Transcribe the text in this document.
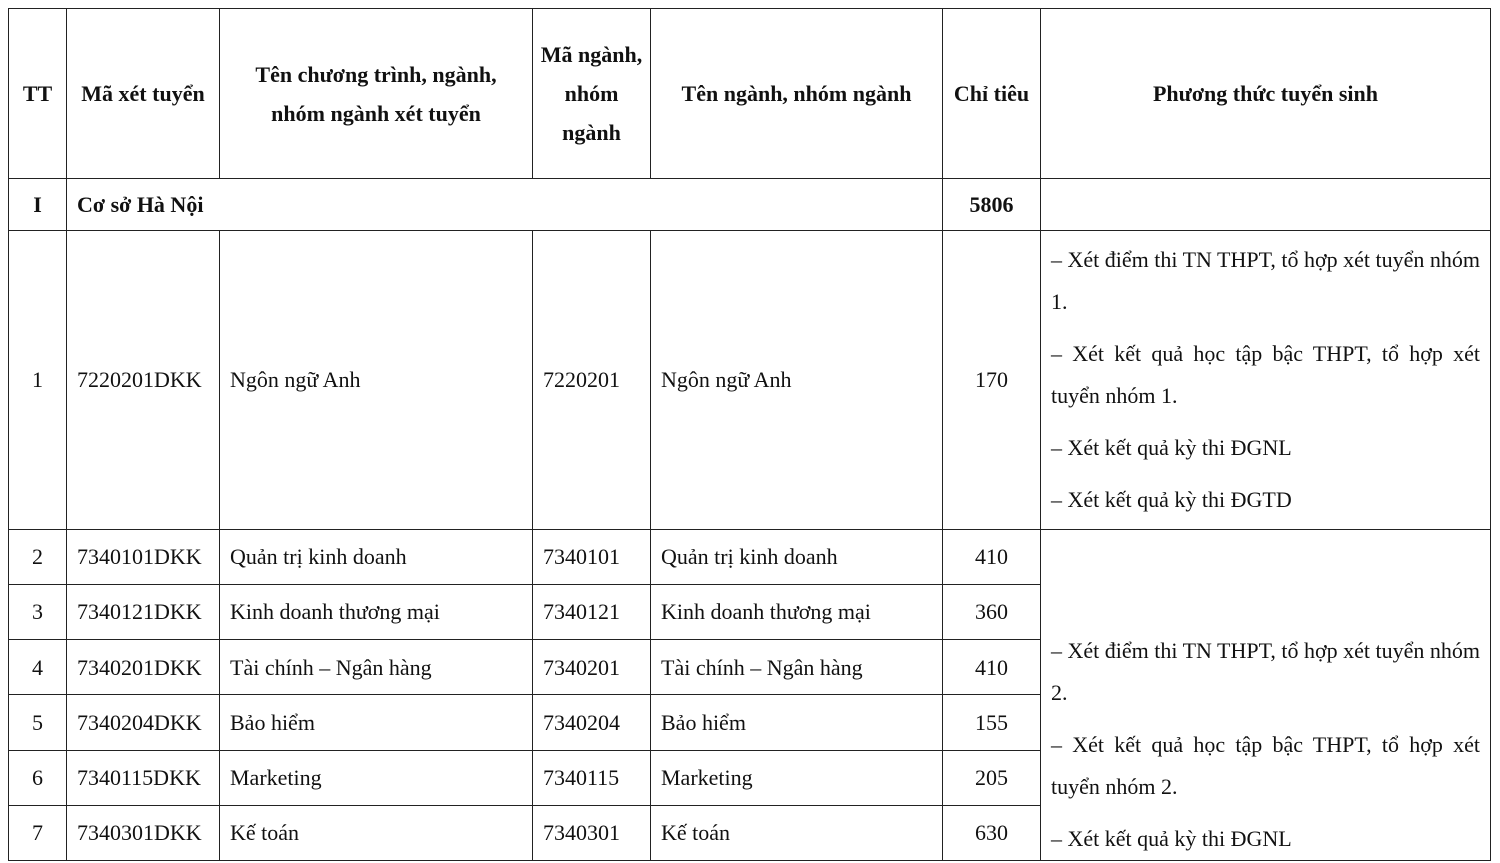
TT	Mã xét tuyển	Tên chương trình, ngành, nhóm ngành xét tuyển	Mã ngành, nhóm ngành	Tên ngành, nhóm ngành	Chỉ tiêu	Phương thức tuyển sinh
I	Cơ sở Hà Nội				5806	
1	7220201DKK	Ngôn ngữ Anh	7220201	Ngôn ngữ Anh	170	– Xét điểm thi TN THPT, tổ hợp xét tuyển nhóm 1.

– Xét kết quả học tập bậc THPT, tổ hợp xét tuyển nhóm 1.

– Xét kết quả kỳ thi ĐGNL

– Xét kết quả kỳ thi ĐGTD

2	7340101DKK	Quản trị kinh doanh	7340101	Quản trị kinh doanh	410	– Xét điểm thi TN THPT, tổ hợp xét tuyển nhóm 2.

– Xét kết quả học tập bậc THPT, tổ hợp xét tuyển nhóm 2.

– Xét kết quả kỳ thi ĐGNL

3	7340121DKK	Kinh doanh thương mại	7340121	Kinh doanh thương mại	360	
4	7340201DKK	Tài chính – Ngân hàng	7340201	Tài chính – Ngân hàng	410	
5	7340204DKK	Bảo hiểm	7340204	Bảo hiểm	155	
6	7340115DKK	Marketing	7340115	Marketing	205	
7	7340301DKK	Kế toán	7340301	Kế toán	630	
